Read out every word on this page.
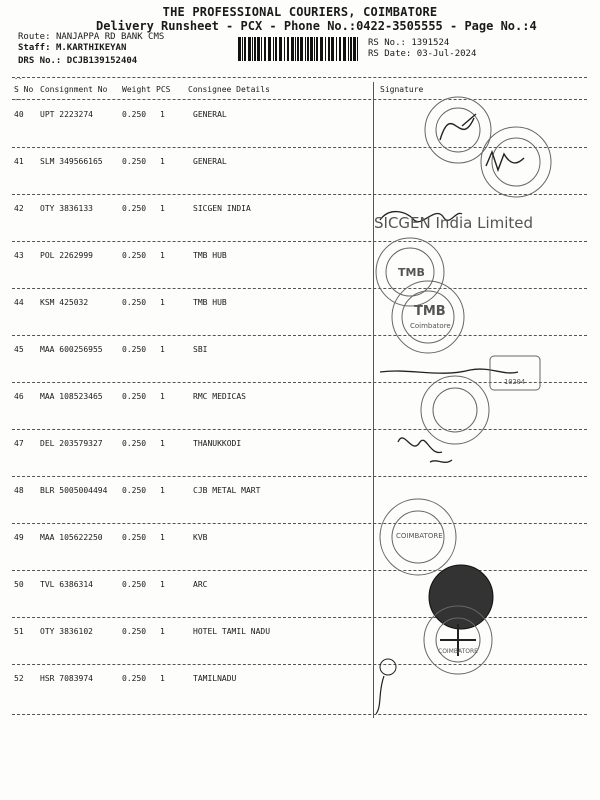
THE PROFESSIONAL COURIERS, COIMBATORE
Delivery Runsheet - PCX - Phone No.:0422-3505555 - Page No.:4
Route: NANJAPPA RD BANK CMS
Staff: M.KARTHIKEYAN
DRS No.: DCJB139152404
RS No.: 1391524
RS Date: 03-Jul-2024
--
S No Consignment No Weight PCS Consignee Details	Signature
--
40 UPT 2223274	0.250 1	GENERAL
41 SLM 349566165 0.250 1	GENERAL
42 OTY 3836133	0.250 1	SICGEN INDIA
43 POL 2262999	0.250 1	TMB HUB
44 KSM 425032	0.250 1	TMB HUB
45 MAA 600256955 0.250 1	SBI
46 MAA 108523465 0.250 1	RMC MEDICAS
47 DEL 203579327 0.250 1	THANUKKODI
48 BLR 5005004494 0.250 1	CJB METAL MART
49 MAA 105622250 0.250 1	KVB
50 TVL 6386314	0.250 1	ARC
51 OTY 3836102	0.250 1	HOTEL TAMIL NADU
52 HSR 7083974	0.250 1	TAMILNADU
SICGEN India Limited
TMB
TMB
Coimbatore
10204
COIMBATORE
COIMBATORE
